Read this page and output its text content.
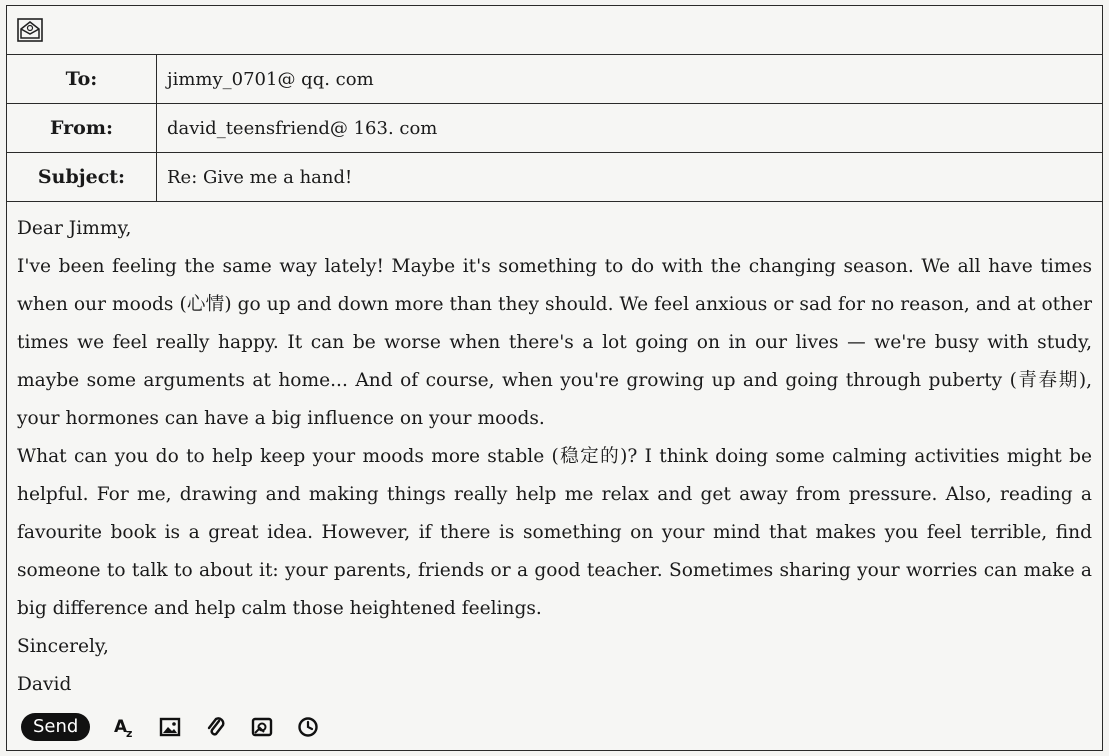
To:	jimmy_0701@ qq. com
From:	david_teensfriend@ 163. com
Subject:	Re: Give me a hand!

Dear Jimmy,

I've been feeling the same way lately! Maybe it's something to do with the changing season. We all have times when our moods (心情) go up and down more than they should. We feel anxious or sad for no reason, and at other times we feel really happy. It can be worse when there's a lot going on in our lives — we're busy with study, maybe some arguments at home... And of course, when you're growing up and going through puberty (青春期), your hormones can have a big influence on your moods.

What can you do to help keep your moods more stable (稳定的)? I think doing some calming activities might be helpful. For me, drawing and making things really help me relax and get away from pressure. Also, reading a favourite book is a great idea. However, if there is something on your mind that makes you feel terrible, find someone to talk to about it: your parents, friends or a good teacher. Sometimes sharing your worries can make a big difference and help calm those heightened feelings.

Sincerely,

David

Send	A
z
